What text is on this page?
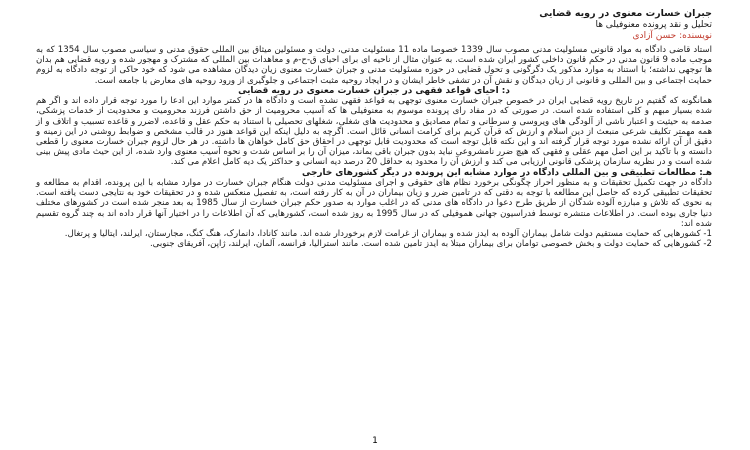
جبران خسارت معنوی در رویه قضایی

تحلیل و نقد پرونده معنوفیلی ها

نویسنده: حسن آزادی

استاد قاضی دادگاه به مواد قانونی مسئولیت مدنی مصوب سال 1339 خصوصا ماده 11 مسئولیت مدنی، دولت و مسئولین میثاق بین المللی حقوق مدنی و سیاسی مصوب سال 1354 که به موجب ماده 9 قانون مدنی در حکم قانون داخلی کشور ایران شده است. به عنوان مثال از ناحیه ای برای احیای ق-ح-م و معاهدات بین المللی که مشترک و مهجور شده و رویه قضایی هم بدان ها توجهی نداشته؛ با استناد به موارد مذکور یک دگرگونی و تحول قضایی در حوزه مسئولیت مدنی و جبران خسارت معنوی زیان دیدگان مشاهده می شود که خود حاکی از توجه دادگاه به لزوم حمایت اجتماعی و بین المللی و قانونی از زیان دیدگان و نقش آن در تشفی خاطر ایشان و در ایجاد روحیه مثبت اجتماعی و جلوگیری از ورود روحیه های معارض با جامعه است.

د: احیای قواعد فقهی در جبران خسارت معنوی در رویه قضایی

همانگونه که گفتیم در تاریخ رویه قضایی ایران در خصوص جبران خسارت معنوی توجهی به قواعد فقهی نشده است و دادگاه ها در کمتر موارد این ادعا را مورد توجه قرار داده اند و اگر هم شده بسیار مبهم و کلی استفاده شده است. در صورتی که در مفاد رای پرونده موسوم به معنوفیلی ها که آسیب محرومیت از حق داشتن فرزند محرومیت و محدودیت از خدمات پزشکی، صدمه به حیثیت و اعتبار ناشی از آلودگی های ویروسی و سرطانی و تمام مصادیق و محدودیت های شغلی، شغلهای تحصیلی با استناد به حکم عقل و قاعده، لاضرر و قاعده تسبیب و اتلاف و از همه مهمتر تکلیف شرعی منبعث از دین اسلام و ارزش که قرآن کریم برای کرامت انسانی قائل است. اگرچه به دلیل اینکه این قواعد هنوز در قالب مشخص و ضوابط روشنی در این زمینه و دقیق از آن ارائه نشده مورد توجه قرار گرفته اند و این نکته قابل توجه است که محدودیت قابل توجهی در احقاق حق کامل خواهان ها داشته. در هر حال لزوم جبران خسارت معنوی را قطعی دانسته و با تاکید بر این اصل مهم عقلی و فقهی که هیچ ضرر نامشروعی نباید بدون جبران باقی بماند، میزان آن را بر اساس شدت و نحوه آسیب معنوی وارد شده، از این حیث مادی پیش بینی شده است و در نظریه سازمان پزشکی قانونی ارزیابی می کند و ارزش آن را محدود به حداقل 20 درصد دیه انسانی و حداکثر یک دیه کامل اعلام می کند.

هـ: مطالعات تطبیقی و بین المللی دادگاه در موارد مشابه این پرونده در دیگر کشورهای خارجی

دادگاه در جهت تکمیل تحقیقات و به منظور احراز چگونگی برخورد نظام های حقوقی و اجرای مسئولیت مدنی دولت هنگام جبران خسارت در موارد مشابه با این پرونده، اقدام به مطالعه و تحقیقات تطبیقی کرده که حاصل این مطالعه با توجه به دقتی که در تامین ضرر و زیان بیماران در آن به کار رفته است، به تفصیل منعکس شده و در تحقیقات خود به نتایجی دست یافته است. به نحوی که تلاش و مبارزه آلوده شدگان از طریق طرح دعوا در دادگاه های مدنی که در اغلب موارد به صدور حکم جبران خسارت از سال 1985 به بعد منجر شده است در کشورهای مختلف دنیا جاری بوده است. در اطلاعات منتشره توسط فدراسیون جهانی هموفیلی که در سال 1995 به روز شده است، کشورهایی که آن اطلاعات را در اختیار آنها قرار داده اند به چند گروه تقسیم شده اند:

1- کشورهایی که حمایت مستقیم دولت شامل بیماران آلوده به ایدز شده و بیماران از غرامت لازم برخوردار شده اند. مانند کانادا، دانمارک، هنگ کنگ، مجارستان، ایرلند، ایتالیا و پرتغال.

2- کشورهایی که حمایت دولت و بخش خصوصی توامان برای بیماران مبتلا به ایدز تامین شده است. مانند استرالیا، فرانسه، آلمان، ایرلند، ژاپن، آفریقای جنوبی.

1
